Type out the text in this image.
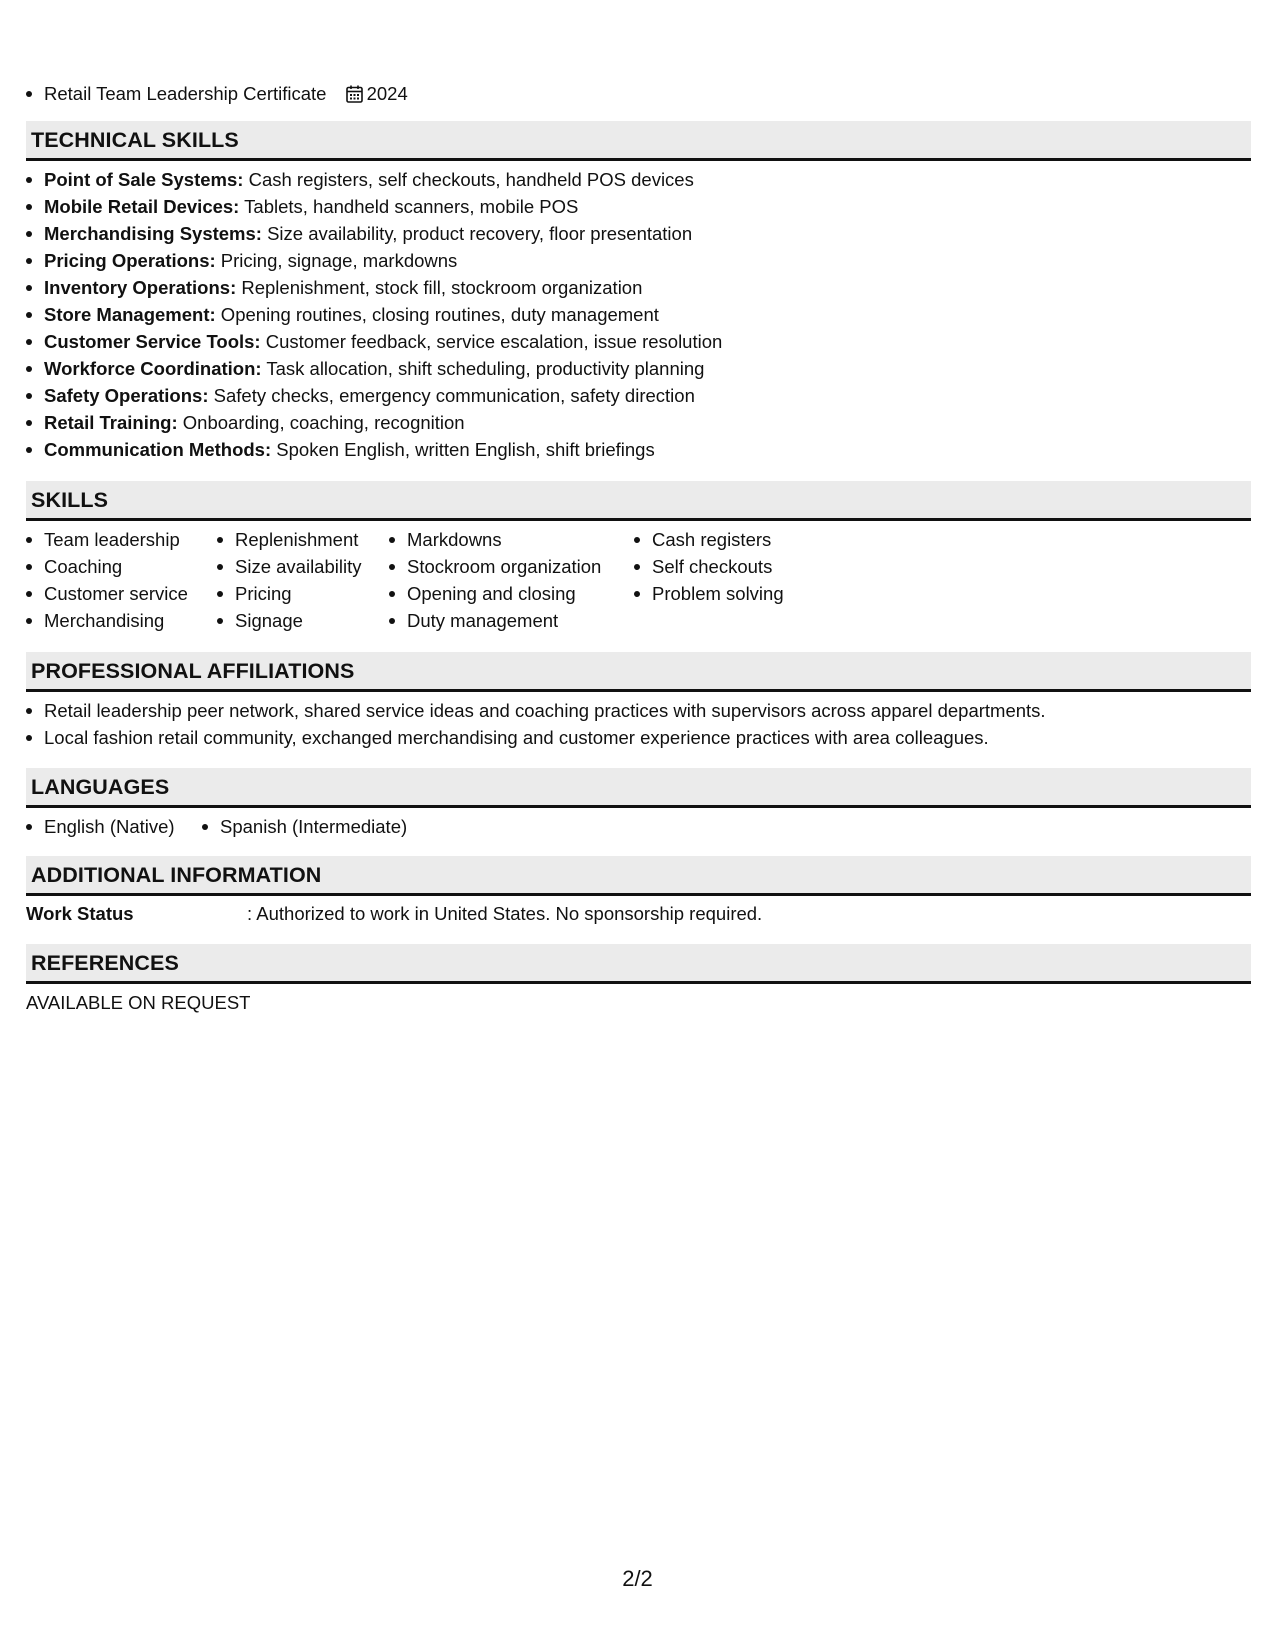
Retail Team Leadership Certificate 2024
TECHNICAL SKILLS
Point of Sale Systems: Cash registers, self checkouts, handheld POS devices
Mobile Retail Devices: Tablets, handheld scanners, mobile POS
Merchandising Systems: Size availability, product recovery, floor presentation
Pricing Operations: Pricing, signage, markdowns
Inventory Operations: Replenishment, stock fill, stockroom organization
Store Management: Opening routines, closing routines, duty management
Customer Service Tools: Customer feedback, service escalation, issue resolution
Workforce Coordination: Task allocation, shift scheduling, productivity planning
Safety Operations: Safety checks, emergency communication, safety direction
Retail Training: Onboarding, coaching, recognition
Communication Methods: Spoken English, written English, shift briefings
SKILLS
Team leadership
Coaching
Customer service
Merchandising
Replenishment
Size availability
Pricing
Signage
Markdowns
Stockroom organization
Opening and closing
Duty management
Cash registers
Self checkouts
Problem solving
PROFESSIONAL AFFILIATIONS
Retail leadership peer network, shared service ideas and coaching practices with supervisors across apparel departments.
Local fashion retail community, exchanged merchandising and customer experience practices with area colleagues.
LANGUAGES
English (Native)	Spanish (Intermediate)
ADDITIONAL INFORMATION
Work Status	: Authorized to work in United States. No sponsorship required.
REFERENCES
AVAILABLE ON REQUEST
2/2
